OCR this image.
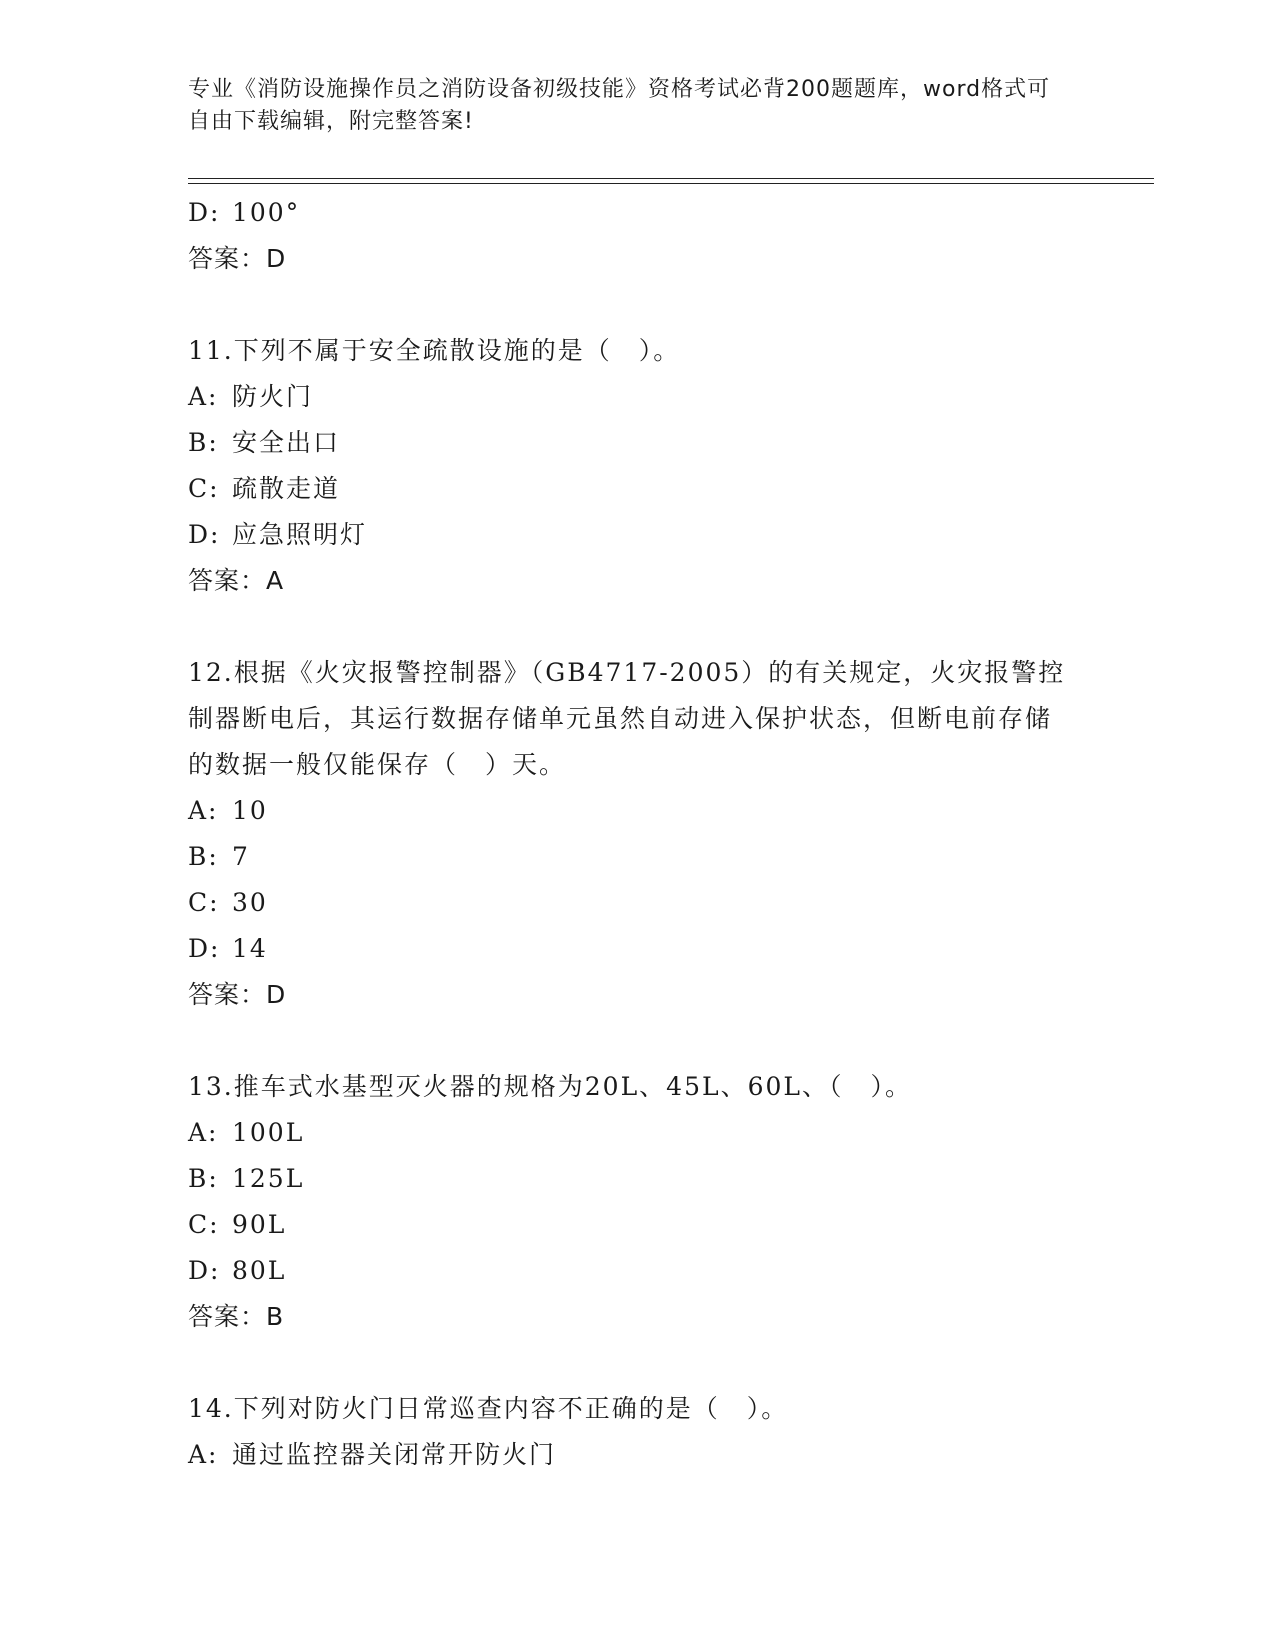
专业《消防设施操作员之消防设备初级技能》资格考试必背200题题库，word格式可自由下载编辑，附完整答案!
D: 100°
答案：D
11.下列不属于安全疏散设施的是（　）。
A: 防火门
B: 安全出口
C: 疏散走道
D: 应急照明灯
答案：A
12.根据《火灾报警控制器》（GB4717-2005）的有关规定，火灾报警控制器断电后，其运行数据存储单元虽然自动进入保护状态，但断电前存储的数据一般仅能保存（　）天。
A: 10
B: 7
C: 30
D: 14
答案：D
13.推车式水基型灭火器的规格为20L、45L、60L、（　）。
A: 100L
B: 125L
C: 90L
D: 80L
答案：B
14.下列对防火门日常巡查内容不正确的是（　）。
A: 通过监控器关闭常开防火门
